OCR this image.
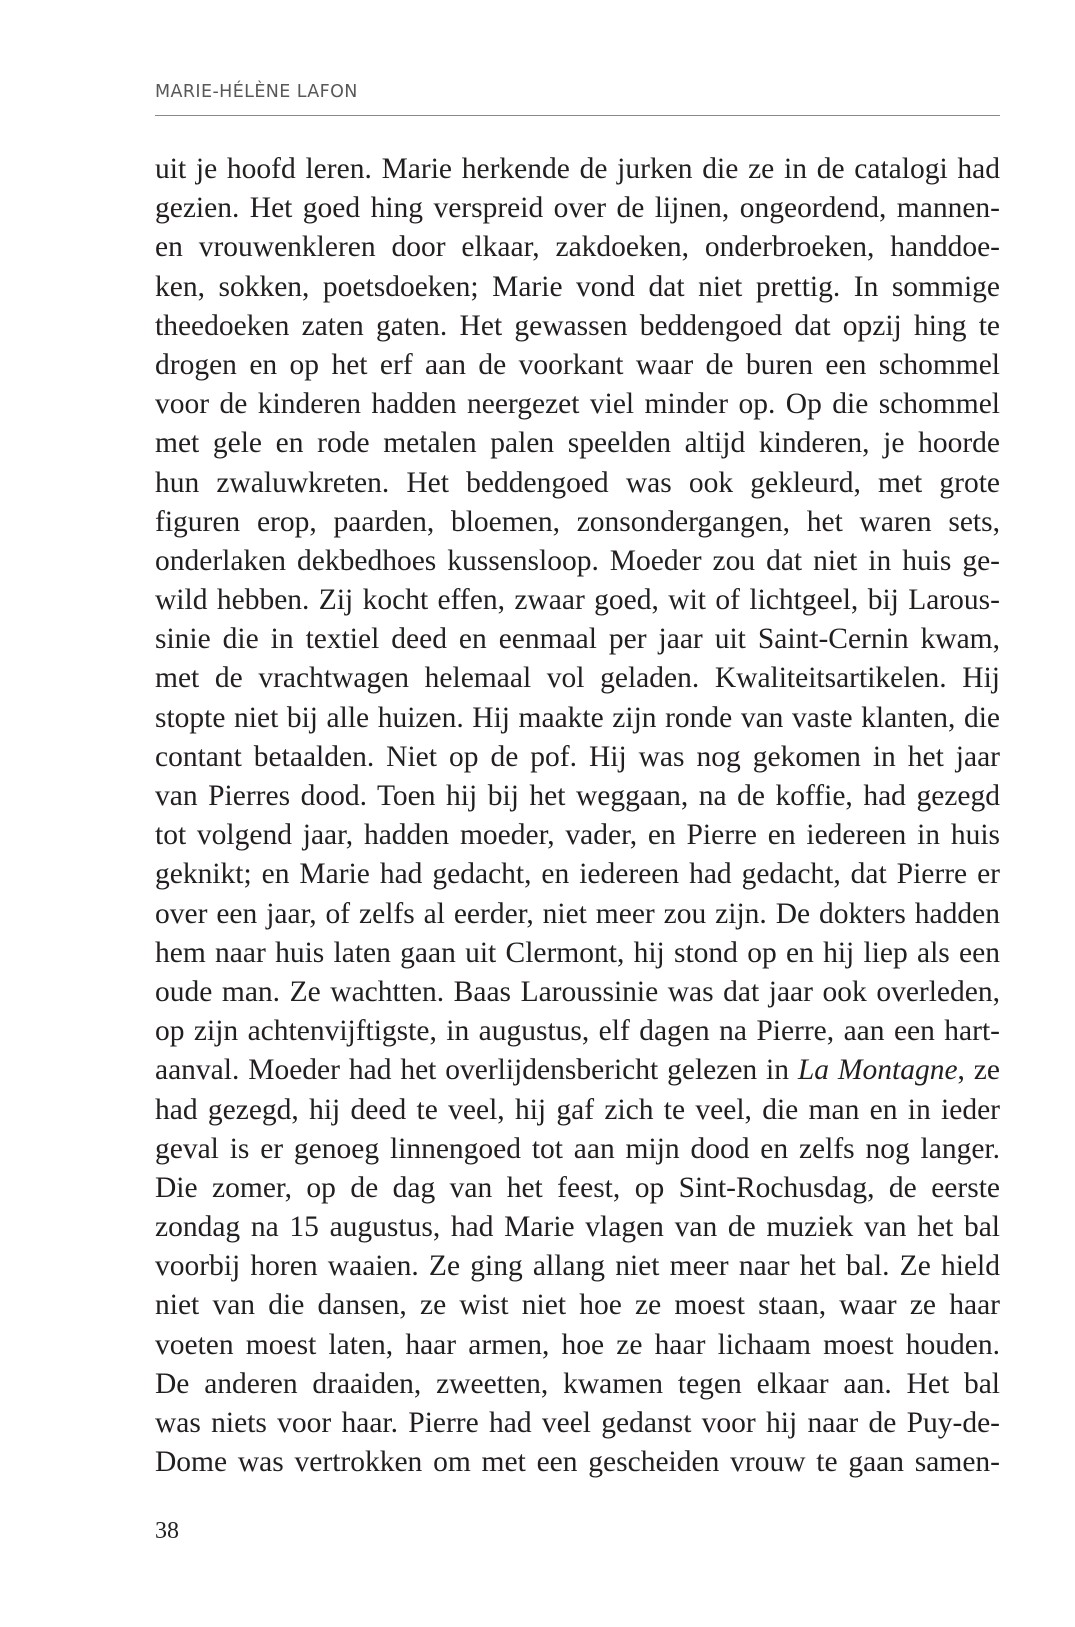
MARIE-HÉLÈNE LAFON
uit je hoofd leren. Marie herkende de jurken die ze in de catalogi had
gezien. Het goed hing verspreid over de lijnen, ongeordend, mannen-
en vrouwenkleren door elkaar, zakdoeken, onderbroeken, handdoe-
ken, sokken, poetsdoeken; Marie vond dat niet prettig. In sommige
theedoeken zaten gaten. Het gewassen beddengoed dat opzij hing te
drogen en op het erf aan de voorkant waar de buren een schommel
voor de kinderen hadden neergezet viel minder op. Op die schommel
met gele en rode metalen palen speelden altijd kinderen, je hoorde
hun zwaluwkreten. Het beddengoed was ook gekleurd, met grote
figuren erop, paarden, bloemen, zonsondergangen, het waren sets,
onderlaken dekbedhoes kussensloop. Moeder zou dat niet in huis ge-
wild hebben. Zij kocht effen, zwaar goed, wit of lichtgeel, bij Larous-
sinie die in textiel deed en eenmaal per jaar uit Saint-Cernin kwam,
met de vrachtwagen helemaal vol geladen. Kwaliteitsartikelen. Hij
stopte niet bij alle huizen. Hij maakte zijn ronde van vaste klanten, die
contant betaalden. Niet op de pof. Hij was nog gekomen in het jaar
van Pierres dood. Toen hij bij het weggaan, na de koffie, had gezegd
tot volgend jaar, hadden moeder, vader, en Pierre en iedereen in huis
geknikt; en Marie had gedacht, en iedereen had gedacht, dat Pierre er
over een jaar, of zelfs al eerder, niet meer zou zijn. De dokters hadden
hem naar huis laten gaan uit Clermont, hij stond op en hij liep als een
oude man. Ze wachtten. Baas Laroussinie was dat jaar ook overleden,
op zijn achtenvijftigste, in augustus, elf dagen na Pierre, aan een hart-
aanval. Moeder had het overlijdensbericht gelezen in La Montagne, ze
had gezegd, hij deed te veel, hij gaf zich te veel, die man en in ieder
geval is er genoeg linnengoed tot aan mijn dood en zelfs nog langer.
Die zomer, op de dag van het feest, op Sint-Rochusdag, de eerste
zondag na 15 augustus, had Marie vlagen van de muziek van het bal
voorbij horen waaien. Ze ging allang niet meer naar het bal. Ze hield
niet van die dansen, ze wist niet hoe ze moest staan, waar ze haar
voeten moest laten, haar armen, hoe ze haar lichaam moest houden.
De anderen draaiden, zweetten, kwamen tegen elkaar aan. Het bal
was niets voor haar. Pierre had veel gedanst voor hij naar de Puy-de-
Dome was vertrokken om met een gescheiden vrouw te gaan samen-
38
